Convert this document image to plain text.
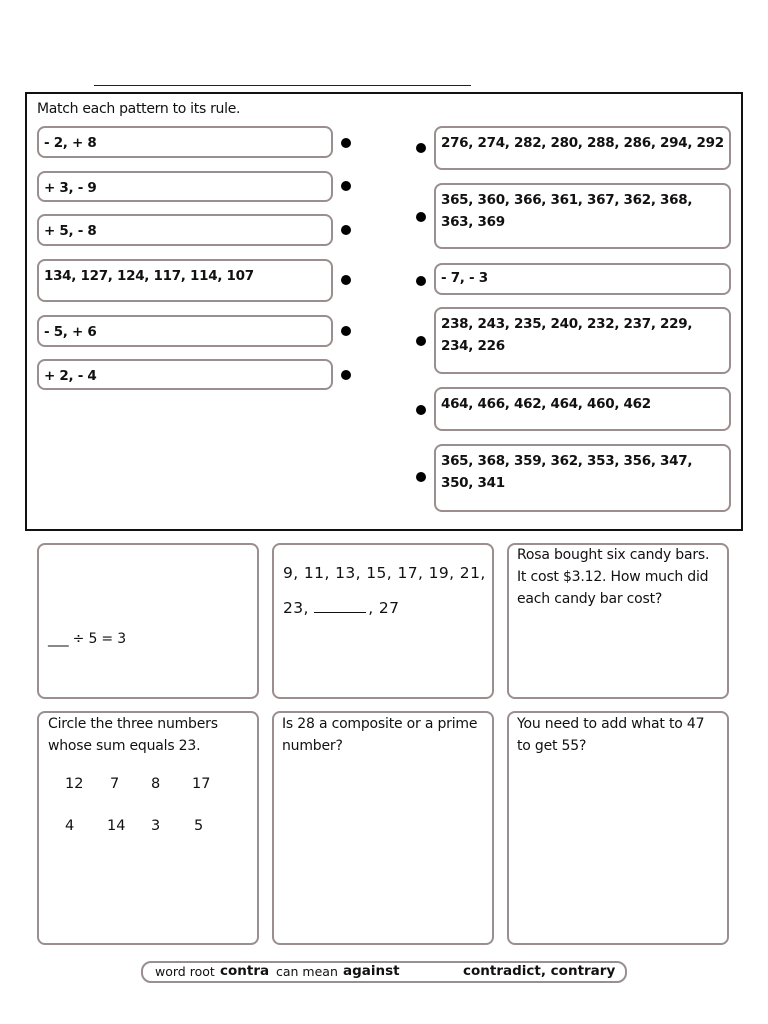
Match each pattern to its rule.
- 2, + 8
+ 3, - 9
+ 5, - 8
134, 127, 124, 117, 114, 107
- 5, + 6
+ 2, - 4
276, 274, 282, 280, 288, 286, 294, 292
365, 360, 366, 361, 367, 362, 368, 363, 369
- 7, - 3
238, 243, 235, 240, 232, 237, 229, 234, 226
464, 466, 462, 464, 460, 462
365, 368, 359, 362, 353, 356, 347, 350, 341
___ ÷ 5 = 3
9, 11, 13, 15, 17, 19, 21,
23,	, 27
Rosa bought six candy bars. It cost $3.12. How much did each candy bar cost?
Circle the three numbers whose sum equals 23.
12 7 8 17
4 14 3 5
Is 28 a composite or a prime number?
You need to add what to 47 to get 55?
word root contra can mean against	contradict, contrary
